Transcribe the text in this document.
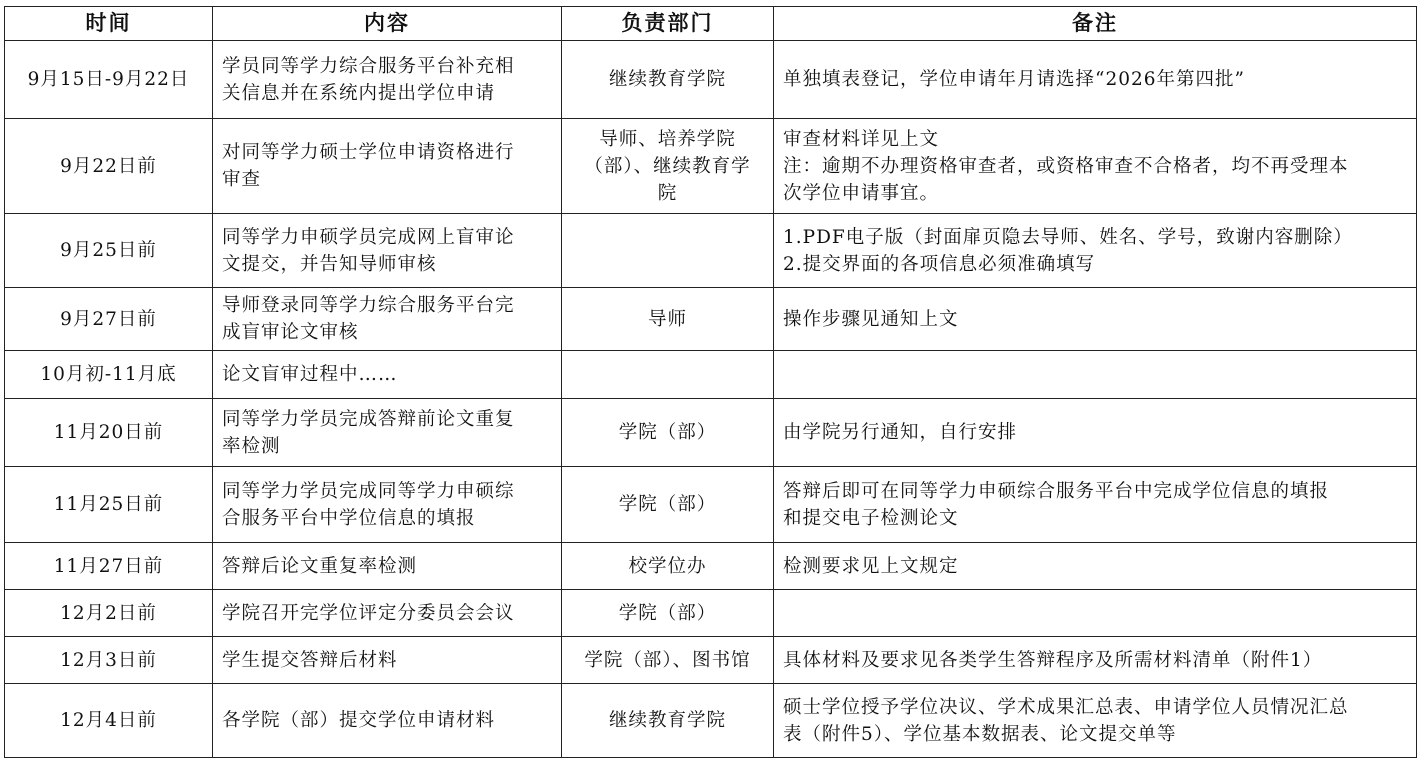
时间	内容	负责部门	备注
9月15日-9月22日	学员同等学力综合服务平台补充相
关信息并在系统内提出学位申请	继续教育学院	单独填表登记，学位申请年月请选择“2026年第四批”

9月22日前	对同等学力硕士学位申请资格进行
审查	导师、培养学院
（部）、继续教育学
院	审查材料详见上文
注：逾期不办理资格审查者，或资格审查不合格者，均不再受理本
次学位申请事宜。

9月25日前	同等学力申硕学员完成网上盲审论
文提交，并告知导师审核		1.PDF电子版（封面扉页隐去导师、姓名、学号，致谢内容删除）
2.提交界面的各项信息必须准确填写

9月27日前	导师登录同等学力综合服务平台完
成盲审论文审核	导师	操作步骤见通知上文

10月初-11月底	论文盲审过程中……		

11月20日前	同等学力学员完成答辩前论文重复
率检测	学院（部）	由学院另行通知，自行安排

11月25日前	同等学力学员完成同等学力申硕综
合服务平台中学位信息的填报	学院（部）	答辩后即可在同等学力申硕综合服务平台中完成学位信息的填报
和提交电子检测论文

11月27日前	答辩后论文重复率检测	校学位办	检测要求见上文规定

12月2日前	学院召开完学位评定分委员会会议	学院（部）	

12月3日前	学生提交答辩后材料	学院（部）、图书馆	具体材料及要求见各类学生答辩程序及所需材料清单（附件1）

12月4日前	各学院（部）提交学位申请材料	继续教育学院	硕士学位授予学位决议、学术成果汇总表、申请学位人员情况汇总
表（附件5）、学位基本数据表、论文提交单等
